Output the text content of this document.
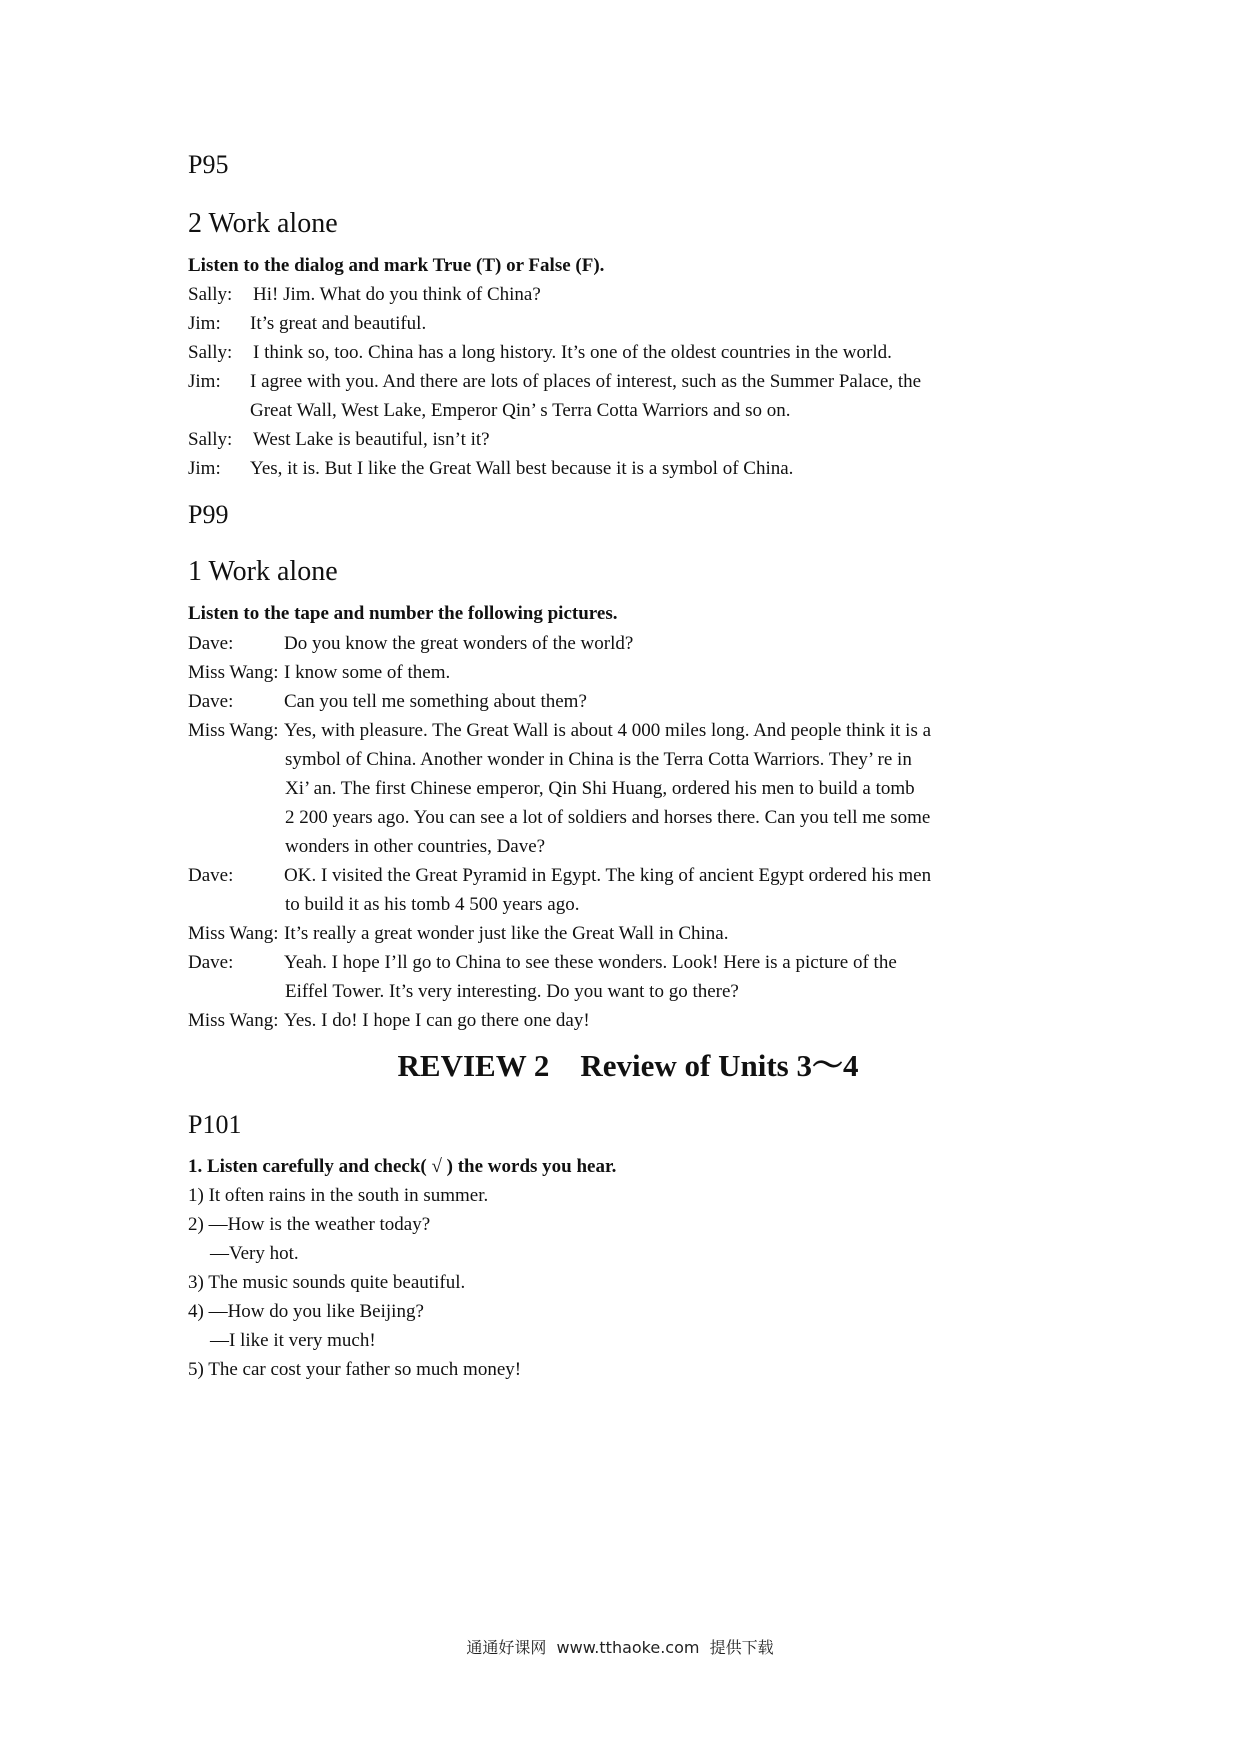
P95
2 Work alone
Listen to the dialog and mark True (T) or False (F).
Sally: Hi! Jim. What do you think of China?
Jim: It’s great and beautiful.
Sally: I think so, too. China has a long history. It’s one of the oldest countries in the world.
Jim: I agree with you. And there are lots of places of interest, such as the Summer Palace, the
Great Wall, West Lake, Emperor Qin’ s Terra Cotta Warriors and so on.
Sally: West Lake is beautiful, isn’t it?
Jim: Yes, it is. But I like the Great Wall best because it is a symbol of China.
P99
1 Work alone
Listen to the tape and number the following pictures.
Dave:	Do you know the great wonders of the world?
Miss Wang: I know some of them.
Dave:	Can you tell me something about them?
Miss Wang: Yes, with pleasure. The Great Wall is about 4 000 miles long. And people think it is a
symbol of China. Another wonder in China is the Terra Cotta Warriors. They’ re in
Xi’ an. The first Chinese emperor, Qin Shi Huang, ordered his men to build a tomb
2 200 years ago. You can see a lot of soldiers and horses there. Can you tell me some
wonders in other countries, Dave?
Dave:	OK. I visited the Great Pyramid in Egypt. The king of ancient Egypt ordered his men
to build it as his tomb 4 500 years ago.
Miss Wang: It’s really a great wonder just like the Great Wall in China.
Dave:	Yeah. I hope I’ll go to China to see these wonders. Look! Here is a picture of the
Eiffel Tower. It’s very interesting. Do you want to go there?
Miss Wang: Yes. I do! I hope I can go there one day!
REVIEW 2    Review of Units 3～4
P101
1. Listen carefully and check( √ ) the words you hear.
1) It often rains in the south in summer.
2) —How is the weather today?
—Very hot.
3) The music sounds quite beautiful.
4) —How do you like Beijing?
—I like it very much!
5) The car cost your father so much money!
通通好课网  www.tthaoke.com  提供下载
